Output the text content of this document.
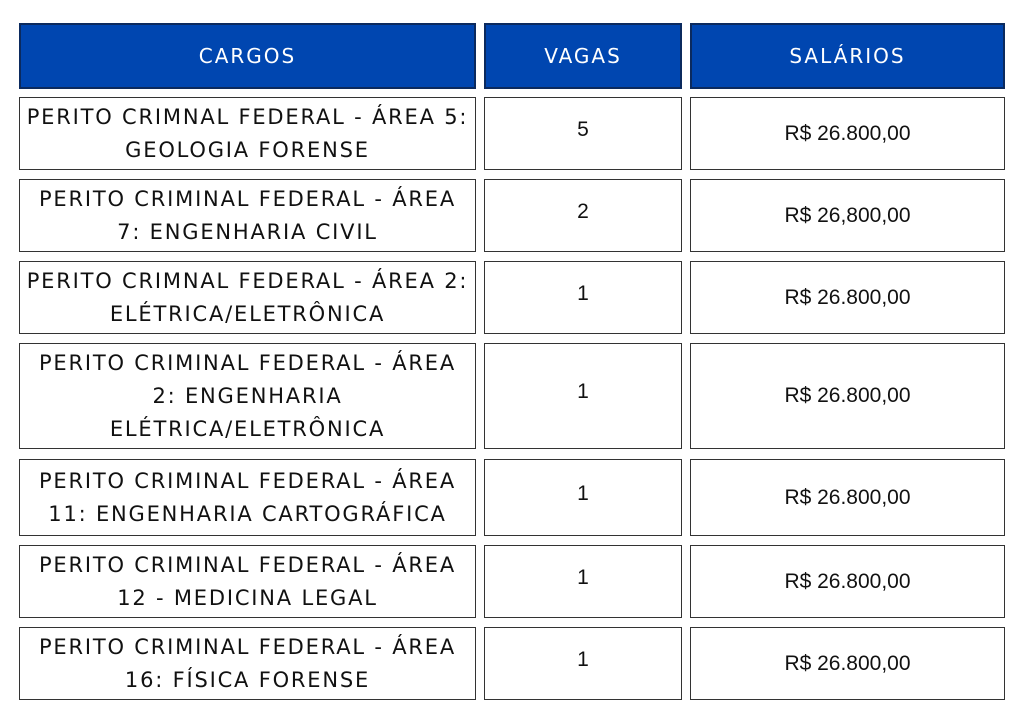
CARGOS	VAGAS	SALÁRIOS
PERITO CRIMNAL FEDERAL - ÁREA 5: GEOLOGIA FORENSE
5	R$ 26.800,00
PERITO CRIMINAL FEDERAL - ÁREA 7: ENGENHARIA CIVIL
2	R$ 26,800,00
PERITO CRIMNAL FEDERAL - ÁREA 2: ELÉTRICA/ELETRÔNICA
1	R$ 26.800,00
PERITO CRIMINAL FEDERAL - ÁREA 2: ENGENHARIA ELÉTRICA/ELETRÔNICA
1	R$ 26.800,00
PERITO CRIMINAL FEDERAL - ÁREA 11: ENGENHARIA CARTOGRÁFICA
1	R$ 26.800,00
PERITO CRIMINAL FEDERAL - ÁREA 12 - MEDICINA LEGAL
1	R$ 26.800,00
PERITO CRIMINAL FEDERAL - ÁREA 16: FÍSICA FORENSE
1	R$ 26.800,00
